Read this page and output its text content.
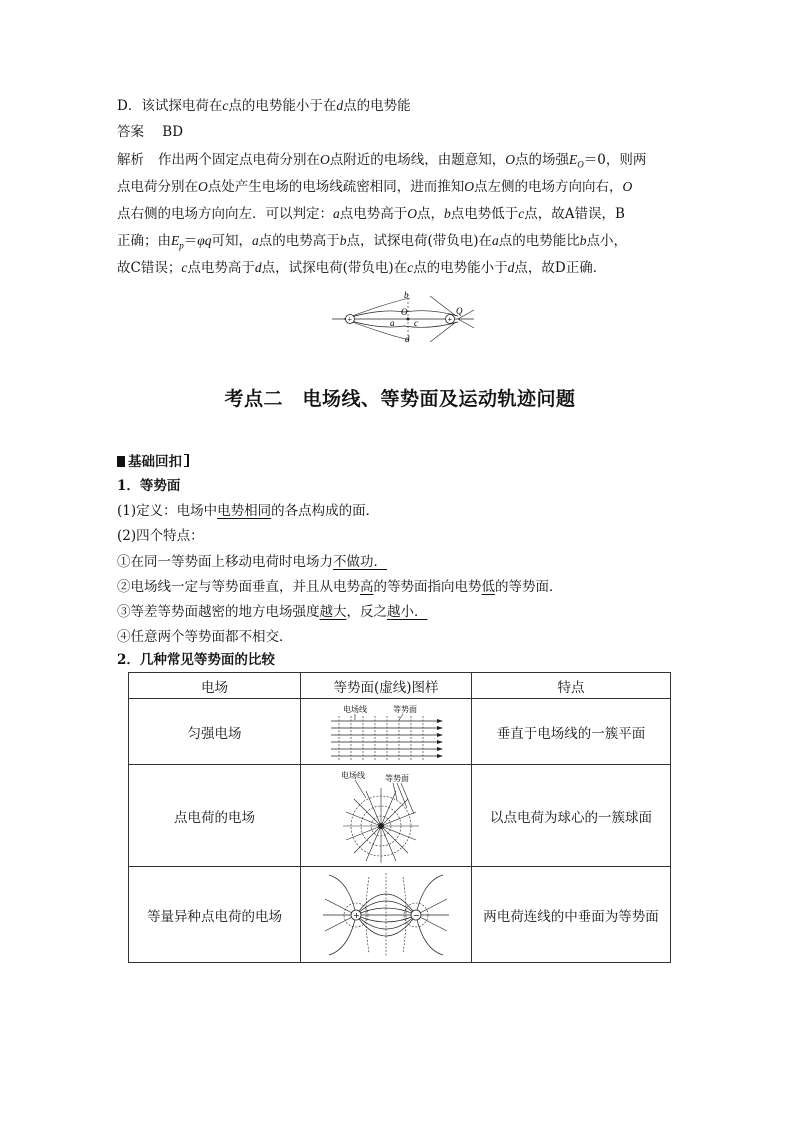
D．该试探电荷在c点的电势能小于在d点的电势能
答案 BD
解析 作出两个固定点电荷分别在O点附近的电场线，由题意知，O点的场强$E_O=0$，则两
点电荷分别在O点处产生电场的电场线疏密相同，进而推知O点左侧的电场方向向右，O
点右侧的电场方向向左．可以判定：a点电势高于O点，b点电势低于c点，故A错误，B
正确；由$E_p=\varphi q$可知，a点的电势高于b点，试探电荷(带负电)在a点的电势能比b点小，
故C错误；c点电势高于d点，试探电荷(带负电)在c点的电势能小于d点，故D正确．
+	+
b
O	Q
a c
d
考点二　电场线、等势面及运动轨迹问题
基础回扣
1．等势面
(1)定义：电场中电势相同的各点构成的面．
(2)四个特点：
①在同一等势面上移动电荷时电场力不做功．
②电场线一定与等势面垂直，并且从电势高的等势面指向电势低的等势面．
③等差等势面越密的地方电场强度越大，反之越小．
④任意两个等势面都不相交．
2．几种常见等势面的比较
电场	等势面(虚线)图样	特点
匀强电场	电场线 等势面	垂直于电场线的一簇平面
点电荷的电场	电场线 等势面	以点电荷为球心的一簇球面
等量异种点电荷的电场	+ −	两电荷连线的中垂面为等势面
